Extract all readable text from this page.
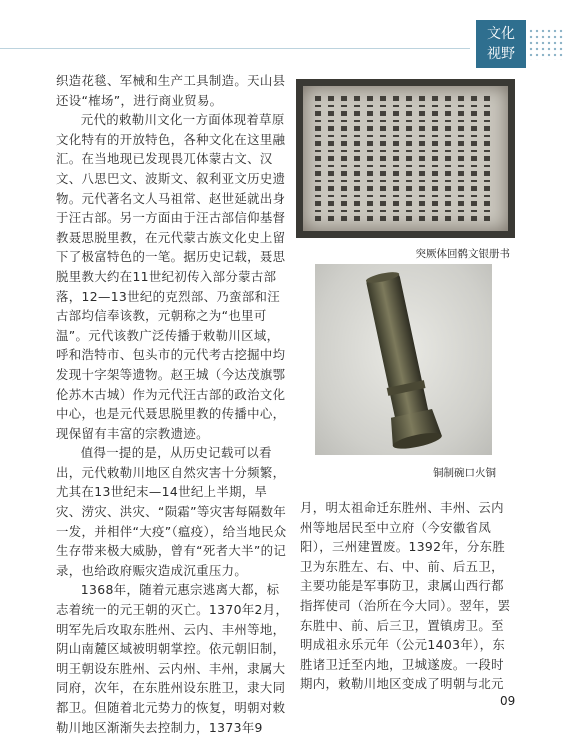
文化
视野

织造花毯、军械和生产工具制造。天山县还设“榷场”，进行商业贸易。

元代的敕勒川文化一方面体现着草原文化特有的开放特色，各种文化在这里融汇。在当地现已发现畏兀体蒙古文、汉文、八思巴文、波斯文、叙利亚文历史遗物。元代著名文人马祖常、赵世延就出身于汪古部。另一方面由于汪古部信仰基督教聂思脱里教，在元代蒙古族文化史上留下了极富特色的一笔。据历史记载，聂思脱里教大约在11世纪初传入部分蒙古部落，12—13世纪的克烈部、乃蛮部和汪古部均信奉该教，元朝称之为“也里可温”。元代该教广泛传播于敕勒川区域，呼和浩特市、包头市的元代考古挖掘中均发现十字架等遗物。赵王城（今达茂旗鄂伦苏木古城）作为元代汪古部的政治文化中心，也是元代聂思脱里教的传播中心，现保留有丰富的宗教遗迹。

值得一提的是，从历史记载可以看出，元代敕勒川地区自然灾害十分频繁，尤其在13世纪末—14世纪上半期，旱灾、涝灾、洪灾、“陨霜”等灾害每隔数年一发，并相伴“大疫”（瘟疫），给当地民众生存带来极大威胁，曾有“死者大半”的记录，也给政府赈灾造成沉重压力。

1368年，随着元惠宗逃离大都，标志着统一的元王朝的灭亡。1370年2月，明军先后攻取东胜州、云内、丰州等地，阴山南麓区域被明朝掌控。依元朝旧制，明王朝设东胜州、云内州、丰州，隶属大同府，次年，在东胜州设东胜卫，隶大同都卫。但随着北元势力的恢复，明朝对敕勒川地区渐渐失去控制力，1373年9

突厥体回鹘文银册书
铜制碗口火铜

月，明太祖命迁东胜州、丰州、云内州等地居民至中立府（今安徽省凤阳），三州建置废。1392年，分东胜卫为东胜左、右、中、前、后五卫，主要功能是军事防卫，隶属山西行都指挥使司（治所在今大同）。翌年，罢东胜中、前、后三卫，置镇虏卫。至明成祖永乐元年（公元1403年），东胜诸卫迁至内地，卫城遂废。一段时期内，敕勒川地区变成了明朝与北元

09
